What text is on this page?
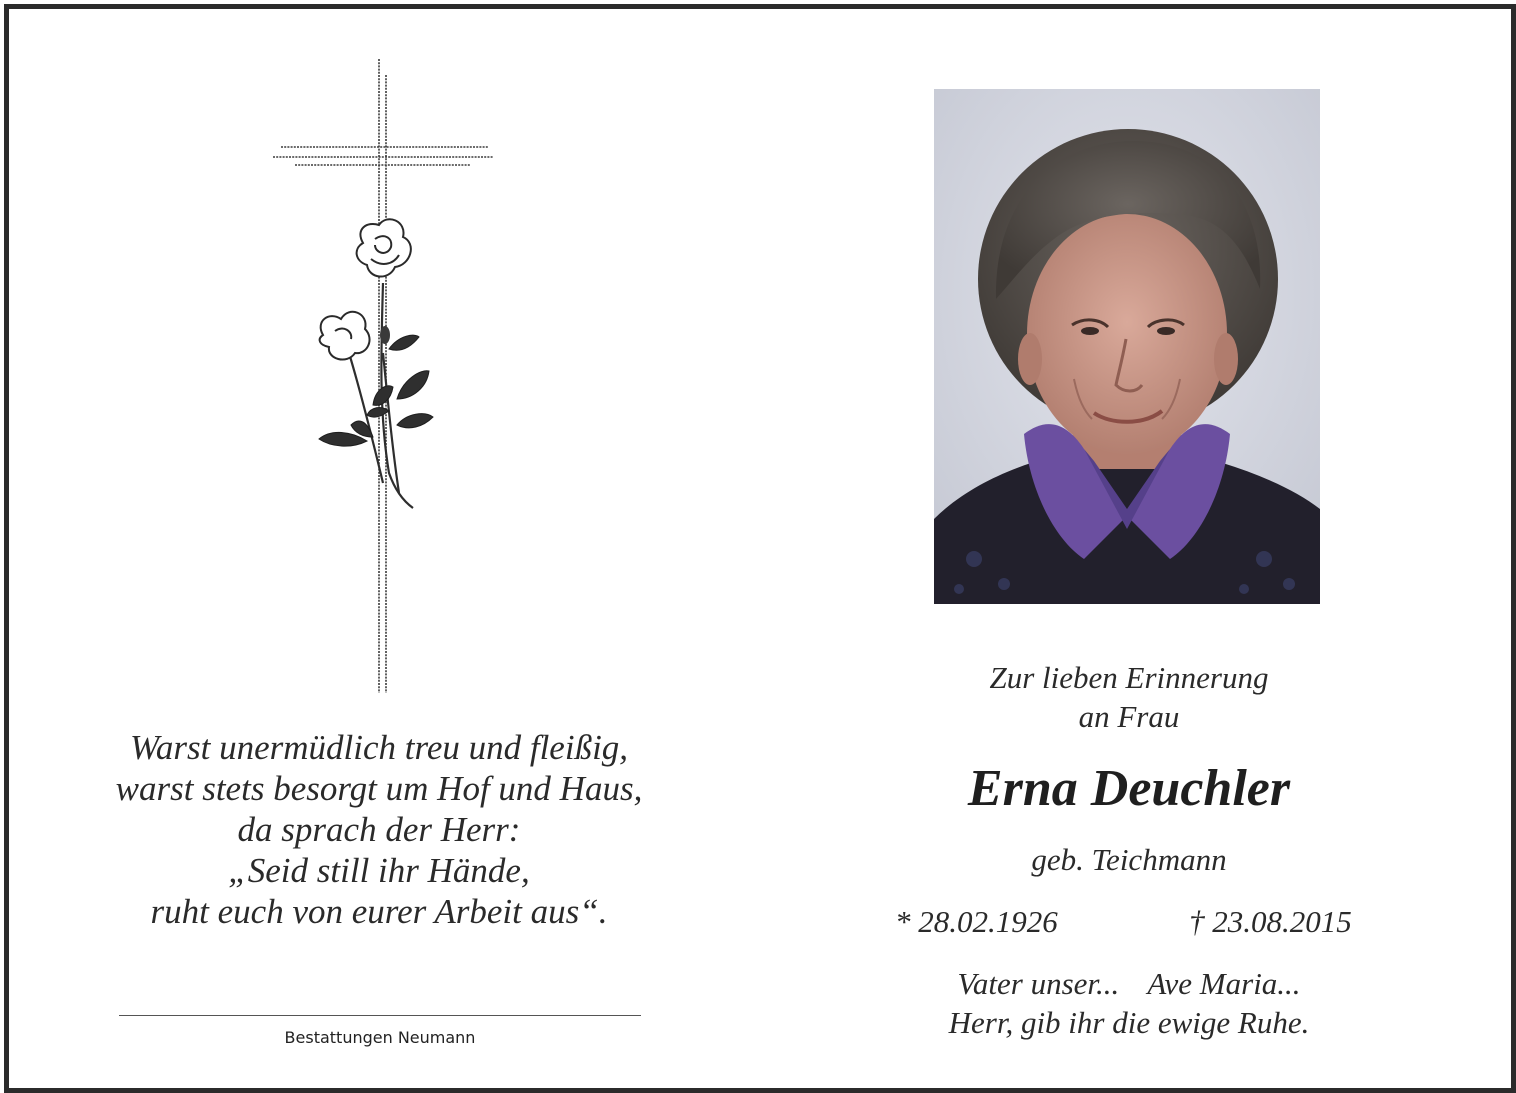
Warst unermüdlich treu und fleißig,
warst stets besorgt um Hof und Haus,
da sprach der Herr:
„Seid still ihr Hände,
ruht euch von eurer Arbeit aus“.
Bestattungen Neumann
Zur lieben Erinnerung
an Frau
Erna Deuchler
geb. Teichmann
* 28.02.1926	† 23.08.2015
Vater unser... Ave Maria...
Herr, gib ihr die ewige Ruhe.
